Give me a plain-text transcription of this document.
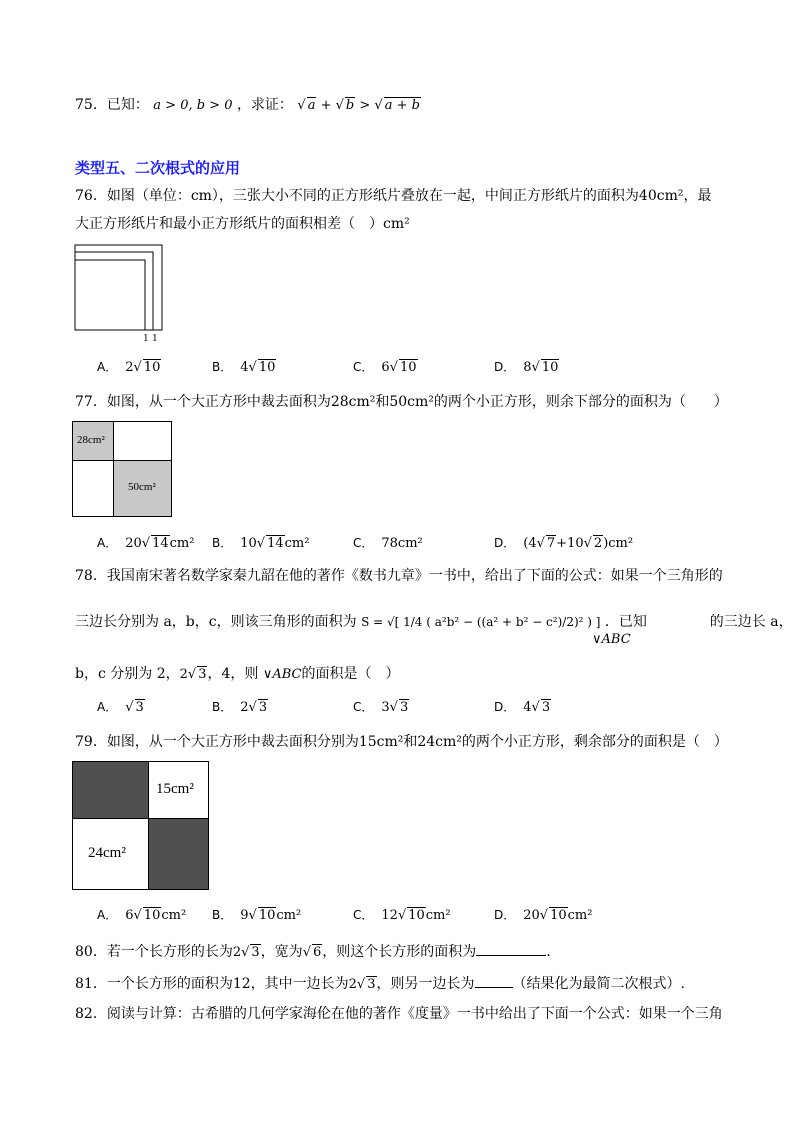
75．已知： a > 0, b > 0 ，求证： √ a + √ b > √ a + b
类型五、二次根式的应用
76．如图（单位：cm），三张大小不同的正方形纸片叠放在一起，中间正方形纸片的面积为40cm²，最
大正方形纸片和最小正方形纸片的面积相差（　）cm²
1 1
A． 2√ 10	B． 4√ 10	C． 6√ 10	D． 8√ 10
77．如图，从一个大正方形中裁去面积为28cm²和50cm²的两个小正方形，则余下部分的面积为（　　）
28cm²
50cm²
A． 20√ 14cm² B． 10√ 14cm²	C． 78cm²	D． (4√ 7+10√ 2)cm²
78．我国南宋著名数学家秦九韶在他的著作《数书九章》一书中，给出了下面的公式：如果一个三角形的
三边长分别为 a，b，c，则该三角形的面积为 S = √[ 1/4 ( a²b² − ((a² + b² − c²)/2)² ) ] ．已知	的三边长 a，
∨ABC
b，c 分别为 2，2√ 3，4，则 ∨ABC的面积是（　）
A． √ 3	B． 2√ 3	C． 3√ 3	D． 4√ 3
79．如图，从一个大正方形中裁去面积分别为15cm²和24cm²的两个小正方形，剩余部分的面积是（　）
15cm²
24cm²
A． 6√ 10cm² B． 9√ 10cm²	C． 12√ 10cm²	D． 20√ 10cm²
80．若一个长方形的长为2√ 3，宽为√ 6，则这个长方形的面积为	.
81．一个长方形的面积为12，其中一边长为2√ 3，则另一边长为	（结果化为最简二次根式）.
82．阅读与计算：古希腊的几何学家海伦在他的著作《度量》一书中给出了下面一个公式：如果一个三角
